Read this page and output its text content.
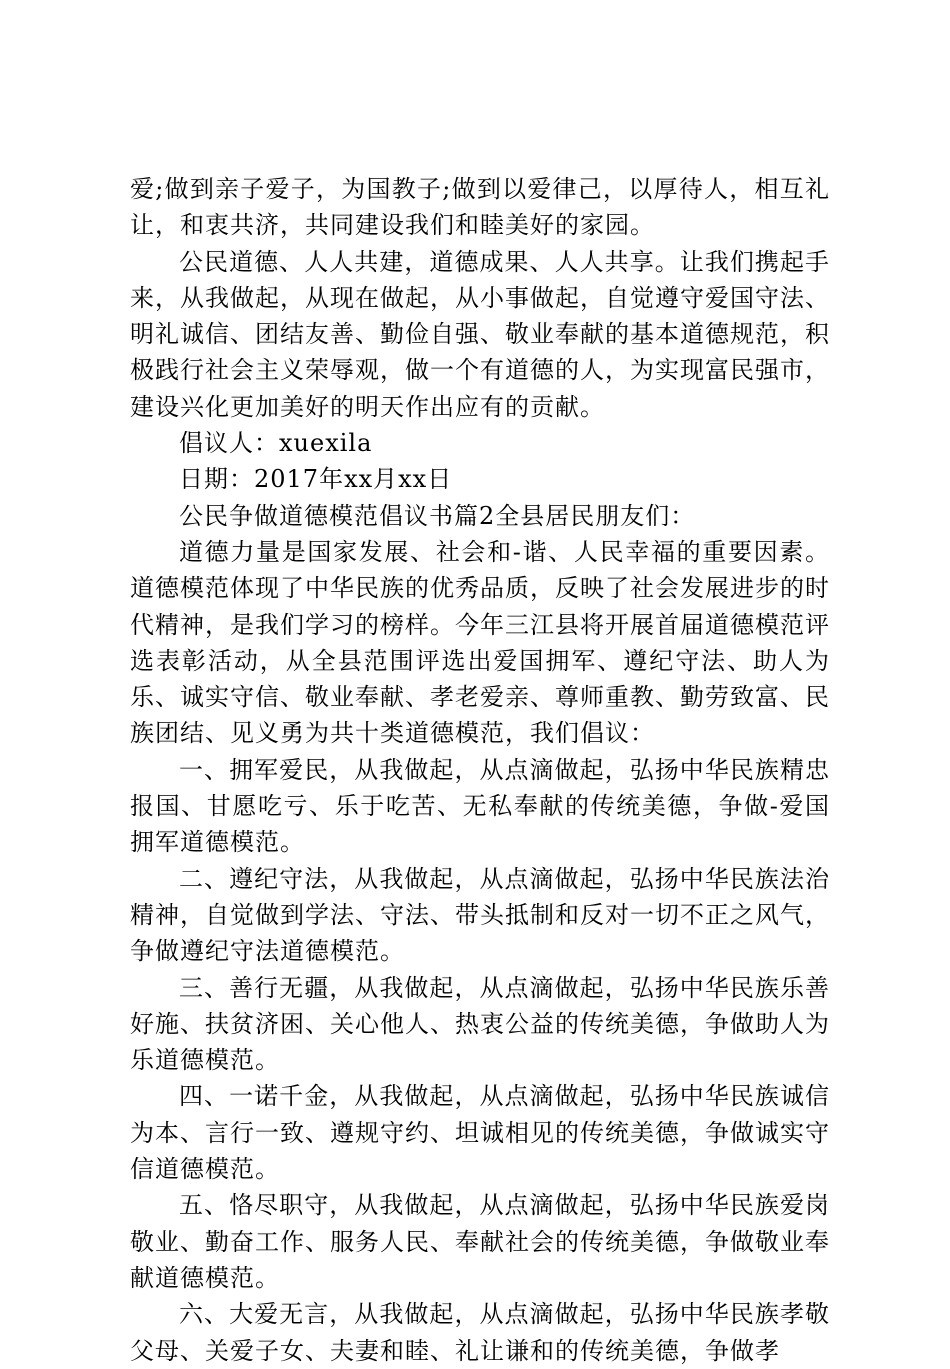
爱;做到亲子爱子，为国教子;做到以爱律己，以厚待人，相互礼让，和衷共济，共同建设我们和睦美好的家园。

公民道德、人人共建，道德成果、人人共享。让我们携起手来，从我做起，从现在做起，从小事做起，自觉遵守爱国守法、明礼诚信、团结友善、勤俭自强、敬业奉献的基本道德规范，积极践行社会主义荣辱观，做一个有道德的人，为实现富民强市，建设兴化更加美好的明天作出应有的贡献。

倡议人：xuexila

日期：2017年xx月xx日

公民争做道德模范倡议书篇2全县居民朋友们：

道德力量是国家发展、社会和-谐、人民幸福的重要因素。道德模范体现了中华民族的优秀品质，反映了社会发展进步的时代精神，是我们学习的榜样。今年三江县将开展首届道德模范评选表彰活动，从全县范围评选出爱国拥军、遵纪守法、助人为乐、诚实守信、敬业奉献、孝老爱亲、尊师重教、勤劳致富、民族团结、见义勇为共十类道德模范，我们倡议：

一、拥军爱民，从我做起，从点滴做起，弘扬中华民族精忠报国、甘愿吃亏、乐于吃苦、无私奉献的传统美德，争做-爱国拥军道德模范。

二、遵纪守法，从我做起，从点滴做起，弘扬中华民族法治精神，自觉做到学法、守法、带头抵制和反对一切不正之风气，争做遵纪守法道德模范。

三、善行无疆，从我做起，从点滴做起，弘扬中华民族乐善好施、扶贫济困、关心他人、热衷公益的传统美德，争做助人为乐道德模范。

四、一诺千金，从我做起，从点滴做起，弘扬中华民族诚信为本、言行一致、遵规守约、坦诚相见的传统美德，争做诚实守信道德模范。

五、恪尽职守，从我做起，从点滴做起，弘扬中华民族爱岗敬业、勤奋工作、服务人民、奉献社会的传统美德，争做敬业奉献道德模范。

六、大爱无言，从我做起，从点滴做起，弘扬中华民族孝敬父母、关爱子女、夫妻和睦、礼让谦和的传统美德，争做孝
